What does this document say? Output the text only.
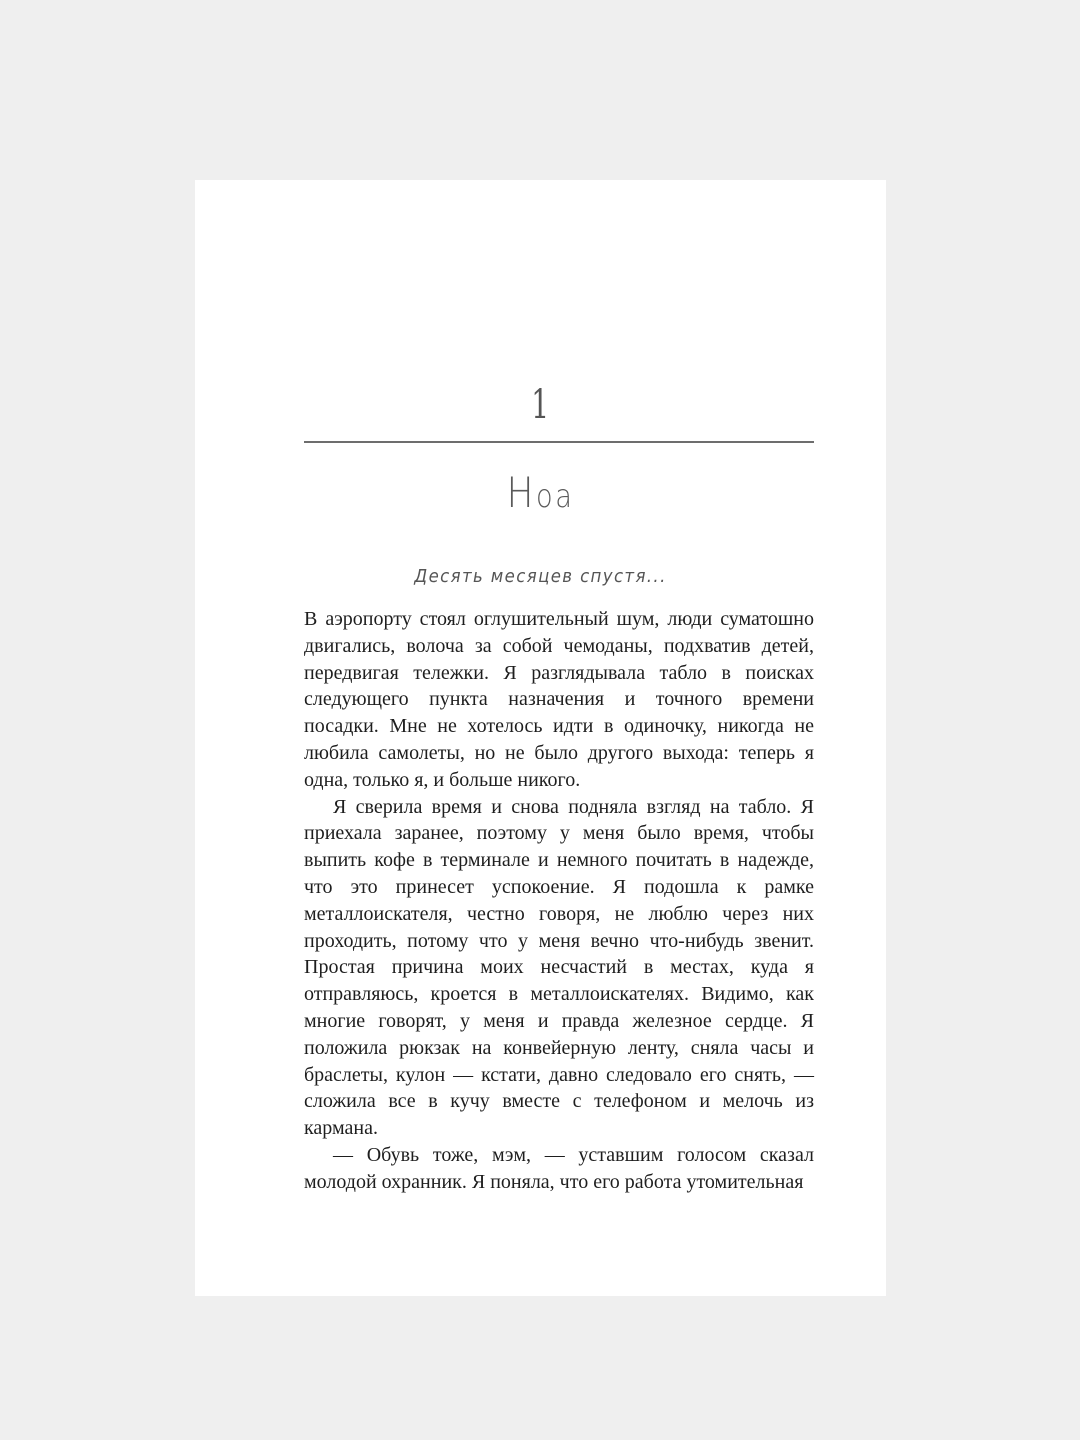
1
Ноа
Десять месяцев спустя...

В аэропорту стоял оглушительный шум, люди суматошно двигались, волоча за собой чемоданы, подхватив детей, передвигая тележки. Я разглядывала табло в поисках следующего пункта назначения и точного времени посадки. Мне не хотелось идти в одиночку, никогда не любила самолеты, но не было другого выхода: теперь я одна, только я, и больше никого.

Я сверила время и снова подняла взгляд на табло. Я приехала заранее, поэтому у меня было время, чтобы выпить кофе в терминале и немного почитать в надежде, что это принесет успокоение. Я подошла к рамке металлоискателя, честно говоря, не люблю через них проходить, потому что у меня вечно что-нибудь звенит. Простая причина моих несчастий в местах, куда я отправляюсь, кроется в металлоискателях. Видимо, как многие говорят, у меня и правда железное сердце. Я положила рюкзак на конвейерную ленту, сняла часы и браслеты, кулон — кстати, давно следовало его снять, — сложила все в кучу вместе с телефоном и мелочь из кармана.

— Обувь тоже, мэм, — уставшим голосом сказал молодой охранник. Я поняла, что его работа утомительная
